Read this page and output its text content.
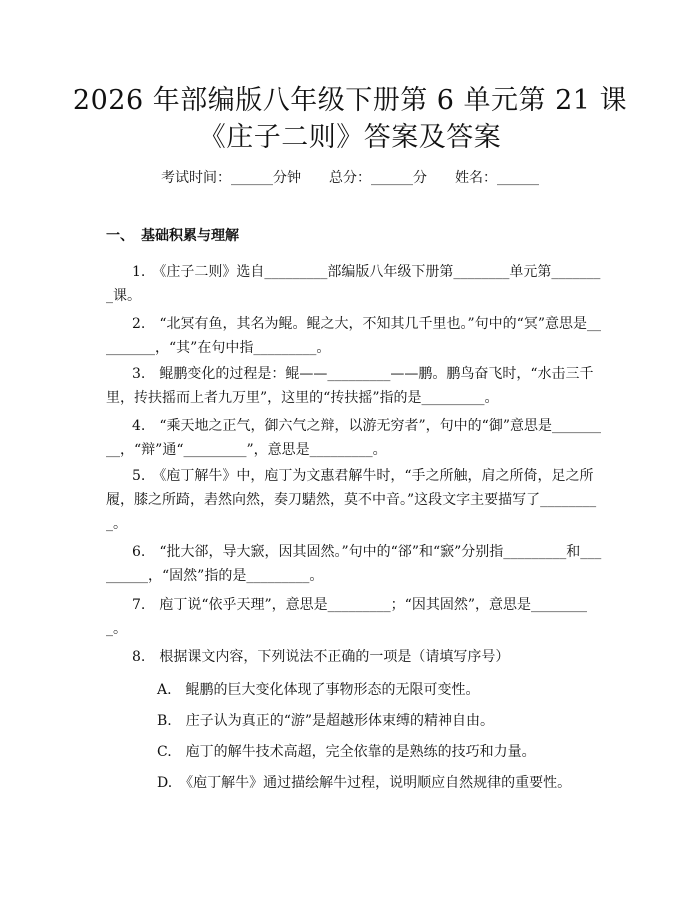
2026 年部编版八年级下册第 6 单元第 21 课
《庄子二则》答案及答案
考试时间：______分钟　　总分：______分　　姓名：______
一、　基础积累与理解
1.　《庄子二则》选自_________部编版八年级下册第________单元第________课。
2.　“北冥有鱼，其名为鲲。鲲之大，不知其几千里也。”句中的“冥”意思是_________，“其”在句中指_________。
3.　鲲鹏变化的过程是：鲲——_________——鹏。鹏鸟奋飞时，“水击三千里，抟扶摇而上者九万里”，这里的“抟扶摇”指的是_________。
4.　“乘天地之正气，御六气之辩，以游无穷者”，句中的“御”意思是_________，“辩”通“_________”，意思是_________。
5.　《庖丁解牛》中，庖丁为文惠君解牛时，“手之所触，肩之所倚，足之所履，膝之所踦，砉然向然，奏刀騞然，莫不中音。”这段文字主要描写了_________。
6.　“批大郤，导大窾，因其固然。”句中的“郤”和“窾”分别指_________和_________，“固然”指的是_________。
7.　庖丁说“依乎天理”，意思是_________；“因其固然”，意思是_________。
8.　根据课文内容，下列说法不正确的一项是（请填写序号）
A.　鲲鹏的巨大变化体现了事物形态的无限可变性。
B.　庄子认为真正的“游”是超越形体束缚的精神自由。
C.　庖丁的解牛技术高超，完全依靠的是熟练的技巧和力量。
D.　《庖丁解牛》通过描绘解牛过程，说明顺应自然规律的重要性。
